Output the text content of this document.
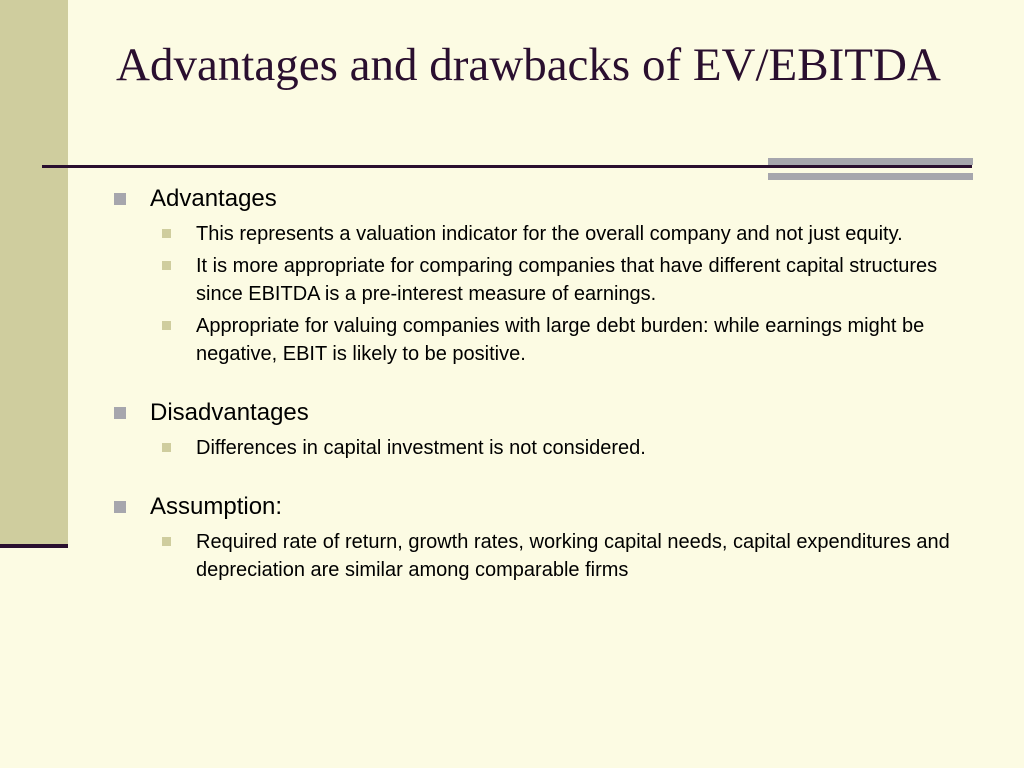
Advantages and drawbacks of EV/EBITDA
Advantages
This represents a valuation indicator for the overall company and not just equity.
It is more appropriate for comparing companies that have different capital structures since EBITDA is a pre-interest measure of earnings.
Appropriate for valuing companies with large debt burden: while earnings might be negative, EBIT is likely to be positive.
Disadvantages
Differences in capital investment is not considered.
Assumption:
Required rate of return, growth rates, working capital needs, capital expenditures and depreciation are similar among comparable firms
